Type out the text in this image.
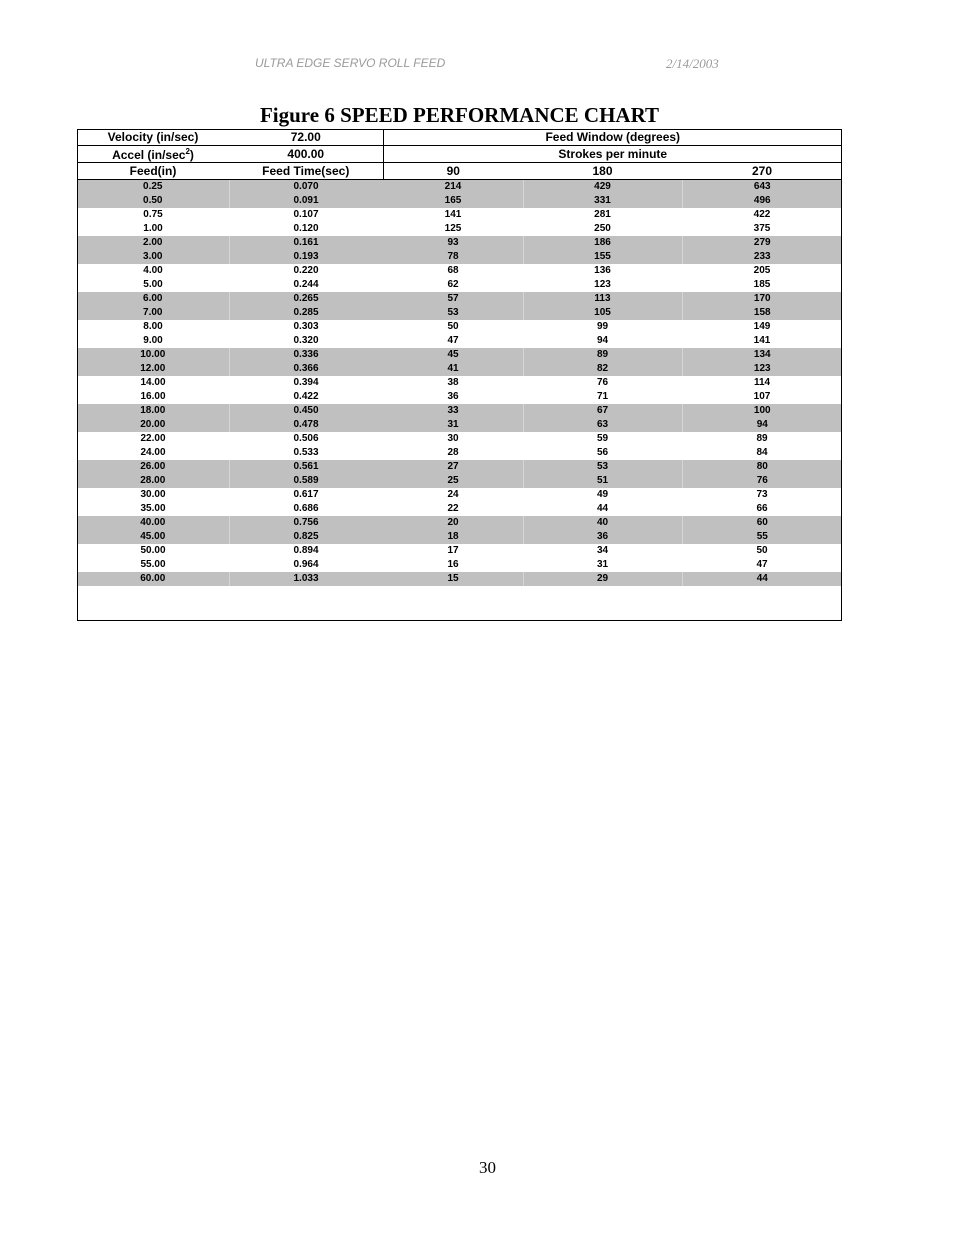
ULTRA EDGE SERVO ROLL FEED	2/14/2003
Figure 6 SPEED PERFORMANCE CHART
Velocity (in/sec)	72.00	Feed Window (degrees)		
Accel $(in/\sec^2)$	400.00	Strokes per minute		
Feed(in)	Feed Time(sec)	90	180	270
0.25	0.070	214	429	643
0.50	0.091	165	331	496
0.75	0.107	141	281	422
1.00	0.120	125	250	375
2.00	0.161	93	186	279
3.00	0.193	78	155	233
4.00	0.220	68	136	205
5.00	0.244	62	123	185
6.00	0.265	57	113	170
7.00	0.285	53	105	158
8.00	0.303	50	99	149
9.00	0.320	47	94	141
10.00	0.336	45	89	134
12.00	0.366	41	82	123
14.00	0.394	38	76	114
16.00	0.422	36	71	107
18.00	0.450	33	67	100
20.00	0.478	31	63	94
22.00	0.506	30	59	89
24.00	0.533	28	56	84
26.00	0.561	27	53	80
28.00	0.589	25	51	76
30.00	0.617	24	49	73
35.00	0.686	22	44	66
40.00	0.756	20	40	60
45.00	0.825	18	36	55
50.00	0.894	17	34	50
55.00	0.964	16	31	47
60.00	1.033	15	29	44
30
